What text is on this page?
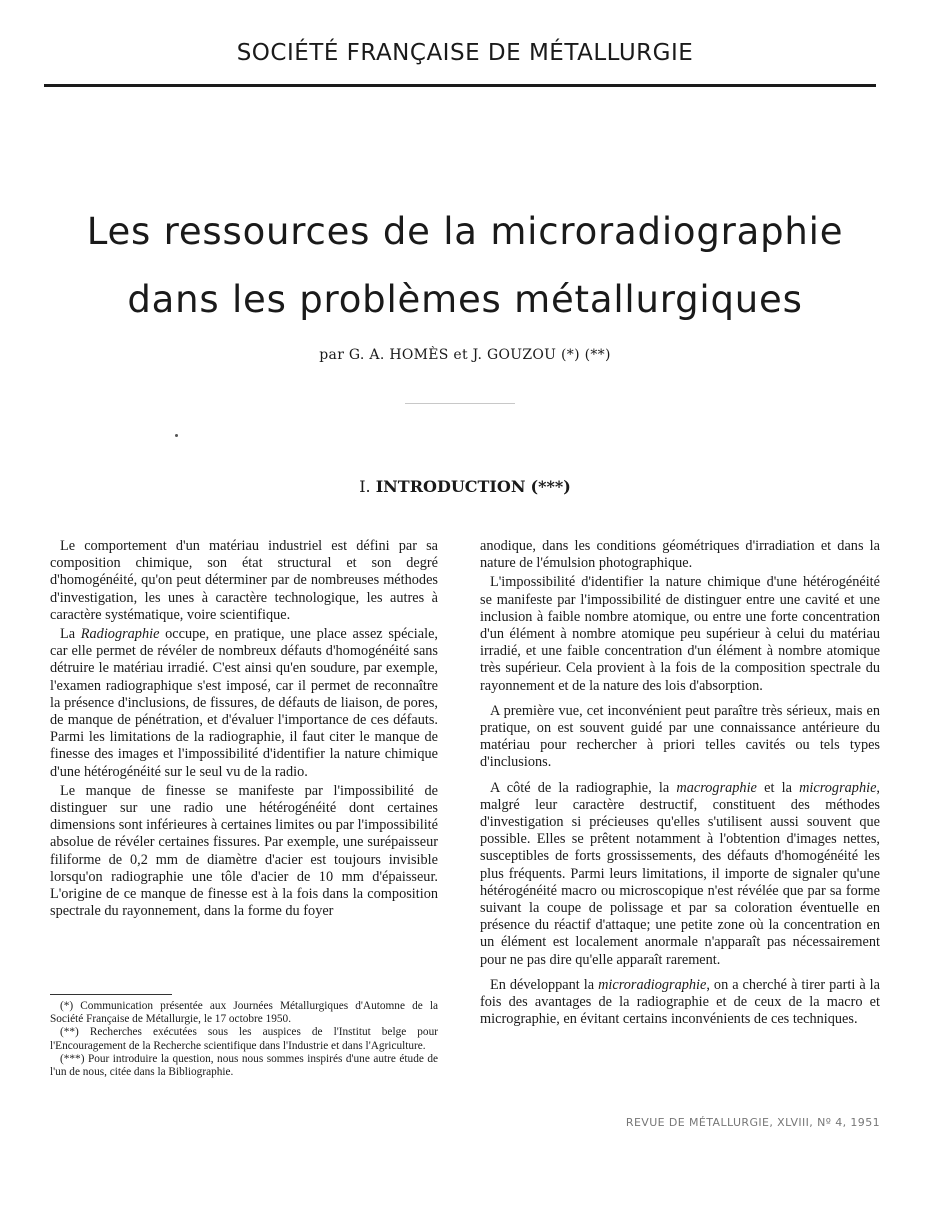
SOCIÉTÉ FRANÇAISE DE MÉTALLURGIE
Les ressources de la microradiographie
dans les problèmes métallurgiques
par G. A. HOMÈS et J. GOUZOU (*) (**)
I. INTRODUCTION (***)

Le comportement d'un matériau industriel est défini par sa composition chimique, son état structural et son degré d'homogénéité, qu'on peut déterminer par de nombreuses méthodes d'investigation, les unes à caractère technologique, les autres à caractère systématique, voire scientifique.

La Radiographie occupe, en pratique, une place assez spéciale, car elle permet de révéler de nombreux défauts d'homogénéité sans détruire le matériau irradié. C'est ainsi qu'en soudure, par exemple, l'examen radiographique s'est imposé, car il permet de reconnaître la présence d'inclusions, de fissures, de défauts de liaison, de pores, de manque de pénétration, et d'évaluer l'importance de ces défauts. Parmi les limitations de la radiographie, il faut citer le manque de finesse des images et l'impossibilité d'identifier la nature chimique d'une hétérogénéité sur le seul vu de la radio.

Le manque de finesse se manifeste par l'impossibilité de distinguer sur une radio une hétérogénéité dont certaines dimensions sont inférieures à certaines limites ou par l'impossibilité absolue de révéler certaines fissures. Par exemple, une surépaisseur filiforme de 0,2 mm de diamètre d'acier est toujours invisible lorsqu'on radiographie une tôle d'acier de 10 mm d'épaisseur. L'origine de ce manque de finesse est à la fois dans la composition spectrale du rayonnement, dans la forme du foyer

anodique, dans les conditions géométriques d'irradiation et dans la nature de l'émulsion photographique.

L'impossibilité d'identifier la nature chimique d'une hétérogénéité se manifeste par l'impossibilité de distinguer entre une cavité et une inclusion à faible nombre atomique, ou entre une forte concentration d'un élément à nombre atomique peu supérieur à celui du matériau irradié, et une faible concentration d'un élément à nombre atomique très supérieur. Cela provient à la fois de la composition spectrale du rayonnement et de la nature des lois d'absorption.

A première vue, cet inconvénient peut paraître très sérieux, mais en pratique, on est souvent guidé par une connaissance antérieure du matériau pour rechercher à priori telles cavités ou tels types d'inclusions.

A côté de la radiographie, la macrographie et la micrographie, malgré leur caractère destructif, constituent des méthodes d'investigation si précieuses qu'elles s'utilisent aussi souvent que possible. Elles se prêtent notamment à l'obtention d'images nettes, susceptibles de forts grossissements, des défauts d'homogénéité les plus fréquents. Parmi leurs limitations, il importe de signaler qu'une hétérogénéité macro ou microscopique n'est révélée que par sa forme suivant la coupe de polissage et par sa coloration éventuelle en présence du réactif d'attaque; une petite zone où la concentration en un élément est localement anormale n'apparaît pas nécessairement pour ne pas dire qu'elle apparaît rarement.

En développant la microradiographie, on a cherché à tirer parti à la fois des avantages de la radiographie et de ceux de la macro et micrographie, en évitant certains inconvénients de ces techniques.

(*) Communication présentée aux Journées Métallurgiques d'Automne de la Société Française de Métallurgie, le 17 octobre 1950.

(**) Recherches exécutées sous les auspices de l'Institut belge pour l'Encouragement de la Recherche scientifique dans l'Industrie et dans l'Agriculture.

(***) Pour introduire la question, nous nous sommes inspirés d'une autre étude de l'un de nous, citée dans la Bibliographie.

REVUE DE MÉTALLURGIE, XLVIII, Nº 4, 1951
